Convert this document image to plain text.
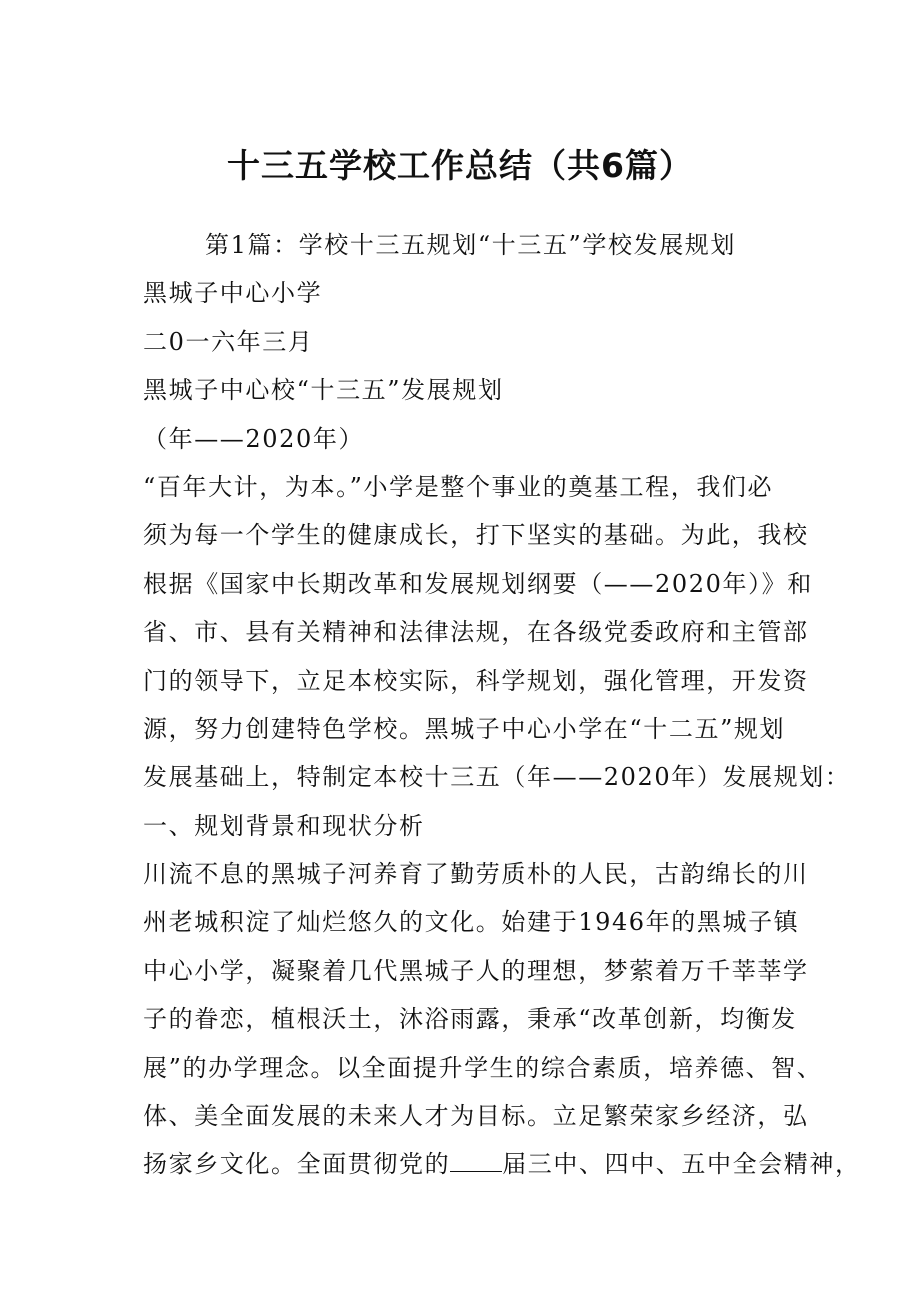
十三五学校工作总结（共6篇）
第1篇：学校十三五规划“十三五”学校发展规划
黑城子中心小学
二0一六年三月
黑城子中心校“十三五”发展规划
（年——2020年）
“百年大计，为本。”小学是整个事业的奠基工程，我们必
须为每一个学生的健康成长，打下坚实的基础。为此，我校
根据《国家中长期改革和发展规划纲要（——2020年）》和
省、市、县有关精神和法律法规，在各级党委政府和主管部
门的领导下，立足本校实际，科学规划，强化管理，开发资
源，努力创建特色学校。黑城子中心小学在“十二五”规划
发展基础上，特制定本校十三五（年——2020年）发展规划：
一、规划背景和现状分析
川流不息的黑城子河养育了勤劳质朴的人民，古韵绵长的川
州老城积淀了灿烂悠久的文化。始建于1946年的黑城子镇
中心小学，凝聚着几代黑城子人的理想，梦萦着万千莘莘学
子的眷恋，植根沃土，沐浴雨露，秉承“改革创新，均衡发
展”的办学理念。以全面提升学生的综合素质，培养德、智、
体、美全面发展的未来人才为目标。立足繁荣家乡经济，弘
扬家乡文化。全面贯彻党的 届三中、四中、五中全会精神，
